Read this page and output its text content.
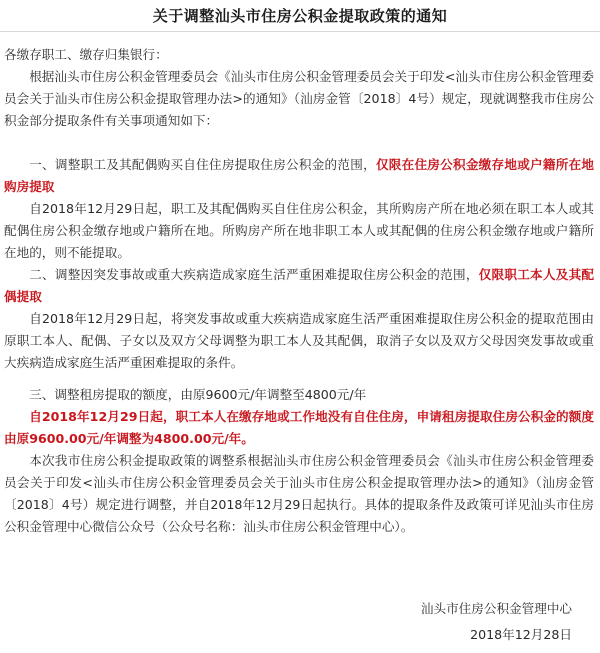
关于调整汕头市住房公积金提取政策的通知

各缴存职工、缴存归集银行：

根据汕头市住房公积金管理委员会《汕头市住房公积金管理委员会关于印发<汕头市住房公积金管理委员会关于汕头市住房公积金提取管理办法>的通知》（汕房金管〔2018〕4号）规定，现就调整我市住房公积金部分提取条件有关事项通知如下：

一、调整职工及其配偶购买自住住房提取住房公积金的范围，仅限在住房公积金缴存地或户籍所在地购房提取

自2018年12月29日起，职工及其配偶购买自住住房公积金，其所购房产所在地必须在职工本人或其配偶住房公积金缴存地或户籍所在地。所购房产所在地非职工本人或其配偶的住房公积金缴存地或户籍所在地的，则不能提取。

二、调整因突发事故或重大疾病造成家庭生活严重困难提取住房公积金的范围，仅限职工本人及其配偶提取

自2018年12月29日起，将突发事故或重大疾病造成家庭生活严重困难提取住房公积金的提取范围由原职工本人、配偶、子女以及双方父母调整为职工本人及其配偶，取消子女以及双方父母因突发事故或重大疾病造成家庭生活严重困难提取的条件。

三、调整租房提取的额度，由原9600元/年调整至4800元/年

自2018年12月29日起，职工本人在缴存地或工作地没有自住住房，申请租房提取住房公积金的额度由原9600.00元/年调整为4800.00元/年。

本次我市住房公积金提取政策的调整系根据汕头市住房公积金管理委员会《汕头市住房公积金管理委员会关于印发<汕头市住房公积金管理委员会关于汕头市住房公积金提取管理办法>的通知》（汕房金管〔2018〕4号）规定进行调整，并自2018年12月29日起执行。具体的提取条件及政策可详见汕头市住房公积金管理中心微信公众号（公众号名称：汕头市住房公积金管理中心）。

汕头市住房公积金管理中心

2018年12月28日
